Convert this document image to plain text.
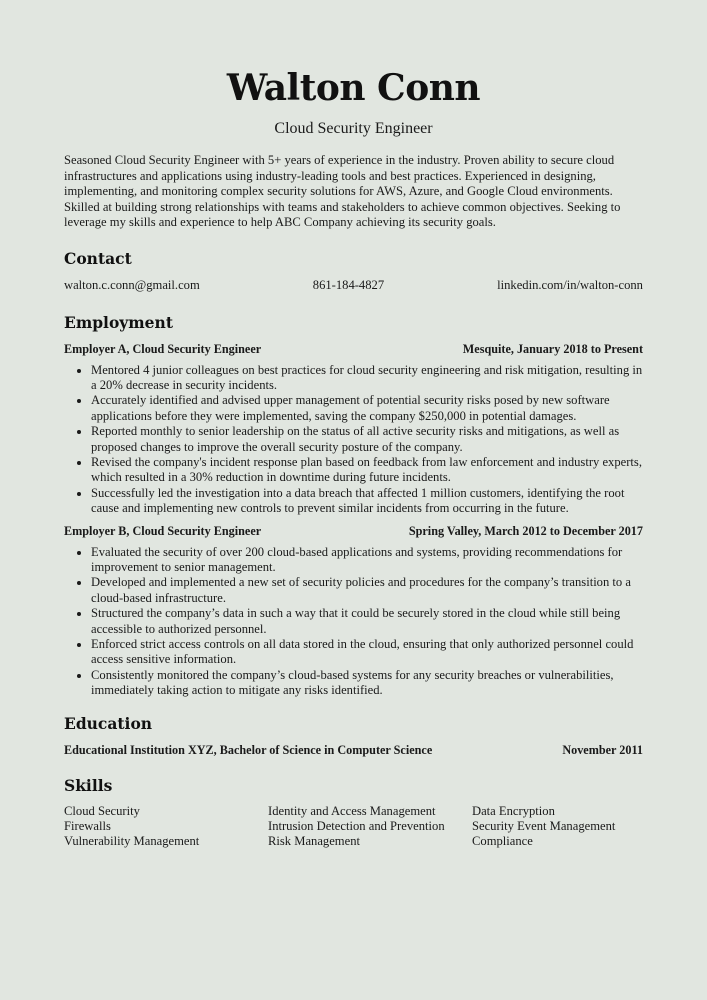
Walton Conn
Cloud Security Engineer

Seasoned Cloud Security Engineer with 5+ years of experience in the industry. Proven ability to secure cloud infrastructures and applications using industry-leading tools and best practices. Experienced in designing, implementing, and monitoring complex security solutions for AWS, Azure, and Google Cloud environments. Skilled at building strong relationships with teams and stakeholders to achieve common objectives. Seeking to leverage my skills and experience to help ABC Company achieving its security goals.

Contact
walton.c.conn@gmail.com	861-184-4827	linkedin.com/in/walton-conn
Employment
Employer A, Cloud Security Engineer	Mesquite, January 2018 to Present
• Mentored 4 junior colleagues on best practices for cloud security engineering and risk mitigation, resulting in a 20% decrease in security incidents.
• Accurately identified and advised upper management of potential security risks posed by new software applications before they were implemented, saving the company $250,000 in potential damages.
• Reported monthly to senior leadership on the status of all active security risks and mitigations, as well as proposed changes to improve the overall security posture of the company.
• Revised the company's incident response plan based on feedback from law enforcement and industry experts, which resulted in a 30% reduction in downtime during future incidents.
• Successfully led the investigation into a data breach that affected 1 million customers, identifying the root cause and implementing new controls to prevent similar incidents from occurring in the future.
Employer B, Cloud Security Engineer	Spring Valley, March 2012 to December 2017
• Evaluated the security of over 200 cloud-based applications and systems, providing recommendations for improvement to senior management.
• Developed and implemented a new set of security policies and procedures for the company’s transition to a cloud-based infrastructure.
• Structured the company’s data in such a way that it could be securely stored in the cloud while still being accessible to authorized personnel.
• Enforced strict access controls on all data stored in the cloud, ensuring that only authorized personnel could access sensitive information.
• Consistently monitored the company’s cloud-based systems for any security breaches or vulnerabilities, immediately taking action to mitigate any risks identified.
Education
Educational Institution XYZ, Bachelor of Science in Computer Science	November 2011
Skills
Cloud Security	Identity and Access Management	Data Encryption
Firewalls	Intrusion Detection and Prevention	Security Event Management
Vulnerability Management	Risk Management	Compliance
